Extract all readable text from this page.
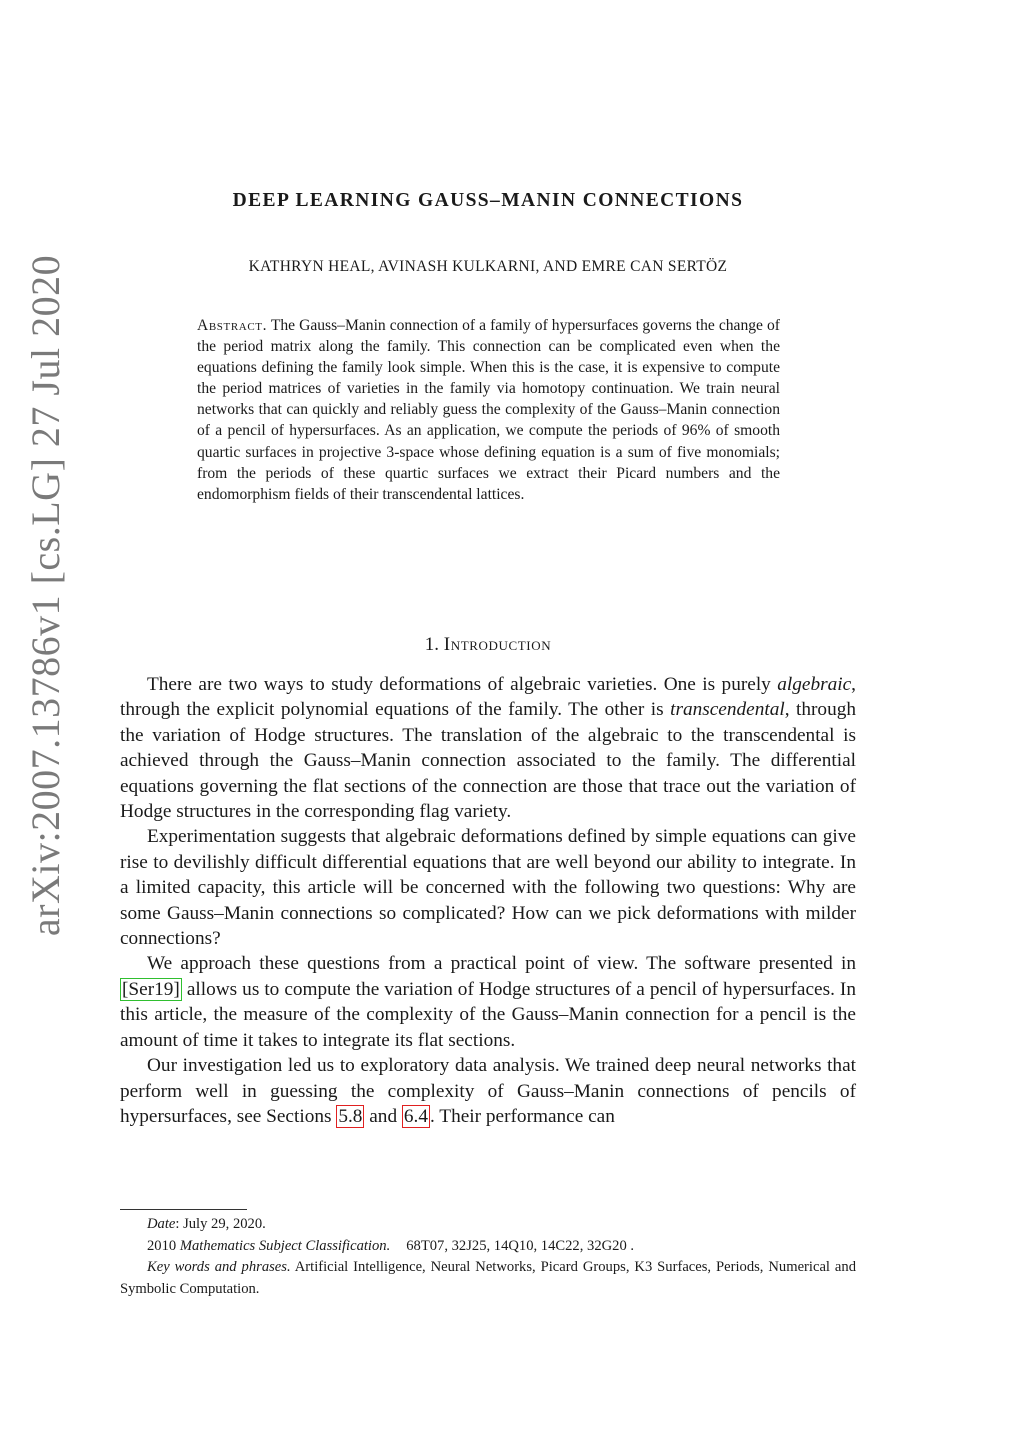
arXiv:2007.13786v1 [cs.LG] 27 Jul 2020
DEEP LEARNING GAUSS–MANIN CONNECTIONS
KATHRYN HEAL, AVINASH KULKARNI, AND EMRE CAN SERTÖZ

Abstract. The Gauss–Manin connection of a family of hypersurfaces governs the change of the period matrix along the family. This connection can be complicated even when the equations defining the family look simple. When this is the case, it is expensive to compute the period matrices of varieties in the family via homotopy continuation. We train neural networks that can quickly and reliably guess the complexity of the Gauss–Manin connection of a pencil of hypersurfaces. As an application, we compute the periods of 96% of smooth quartic surfaces in projective 3-space whose defining equation is a sum of five monomials; from the periods of these quartic surfaces we extract their Picard numbers and the endomorphism fields of their transcendental lattices.

1. Introduction

There are two ways to study deformations of algebraic varieties. One is purely algebraic, through the explicit polynomial equations of the family. The other is transcendental, through the variation of Hodge structures. The translation of the algebraic to the transcendental is achieved through the Gauss–Manin connection associated to the family. The differential equations governing the flat sections of the connection are those that trace out the variation of Hodge structures in the corresponding flag variety.

Experimentation suggests that algebraic deformations defined by simple equations can give rise to devilishly difficult differential equations that are well beyond our ability to integrate. In a limited capacity, this article will be concerned with the following two questions: Why are some Gauss–Manin connections so complicated? How can we pick deformations with milder connections?

We approach these questions from a practical point of view. The software presented in [Ser19] allows us to compute the variation of Hodge structures of a pencil of hypersurfaces. In this article, the measure of the complexity of the Gauss–Manin connection for a pencil is the amount of time it takes to integrate its flat sections.

Our investigation led us to exploratory data analysis. We trained deep neural networks that perform well in guessing the complexity of Gauss–Manin connections of pencils of hypersurfaces, see Sections 5.8 and 6.4 . Their performance can

Date: July 29, 2020.

2010 Mathematics Subject Classification. 68T07, 32J25, 14Q10, 14C22, 32G20 .

Key words and phrases. Artificial Intelligence, Neural Networks, Picard Groups, K3 Surfaces, Periods, Numerical and Symbolic Computation.
